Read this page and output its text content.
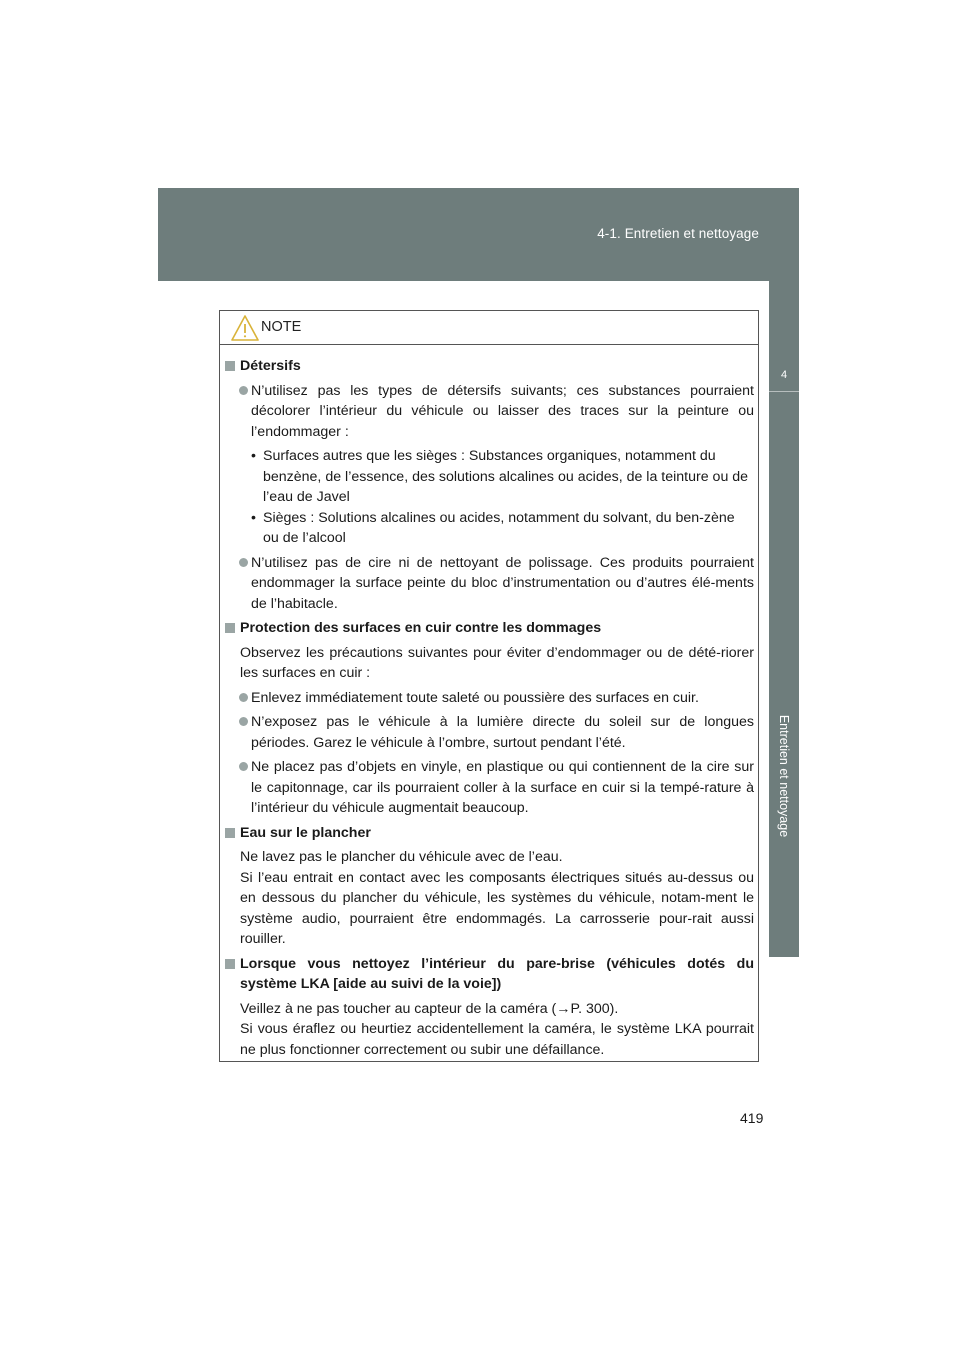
4-1. Entretien et nettoyage
4
Entretien et nettoyage
NOTE
Détersifs
N’utilisez pas les types de détersifs suivants; ces substances pourraient décolorer l’intérieur du véhicule ou laisser des traces sur la peinture ou l’endommager :
• Surfaces autres que les sièges : Substances organiques, notamment du benzène, de l’essence, des solutions alcalines ou acides, de la teinture ou de l’eau de Javel
• Sièges : Solutions alcalines ou acides, notamment du solvant, du ben-zène ou de l’alcool
N’utilisez pas de cire ni de nettoyant de polissage. Ces produits pourraient endommager la surface peinte du bloc d’instrumentation ou d’autres élé-ments de l’habitacle.
Protection des surfaces en cuir contre les dommages
Observez les précautions suivantes pour éviter d’endommager ou de dété-riorer les surfaces en cuir :
Enlevez immédiatement toute saleté ou poussière des surfaces en cuir.
N’exposez pas le véhicule à la lumière directe du soleil sur de longues périodes. Garez le véhicule à l’ombre, surtout pendant l’été.
Ne placez pas d’objets en vinyle, en plastique ou qui contiennent de la cire sur le capitonnage, car ils pourraient coller à la surface en cuir si la tempé-rature à l’intérieur du véhicule augmentait beaucoup.
Eau sur le plancher
Ne lavez pas le plancher du véhicule avec de l’eau.
Si l’eau entrait en contact avec les composants électriques situés au-dessus ou en dessous du plancher du véhicule, les systèmes du véhicule, notam-ment le système audio, pourraient être endommagés. La carrosserie pour-rait aussi rouiller.
Lorsque vous nettoyez l’intérieur du pare-brise (véhicules dotés du système LKA [aide au suivi de la voie])
Veillez à ne pas toucher au capteur de la caméra (→P. 300).
Si vous éraflez ou heurtiez accidentellement la caméra, le système LKA pourrait ne plus fonctionner correctement ou subir une défaillance.
419
